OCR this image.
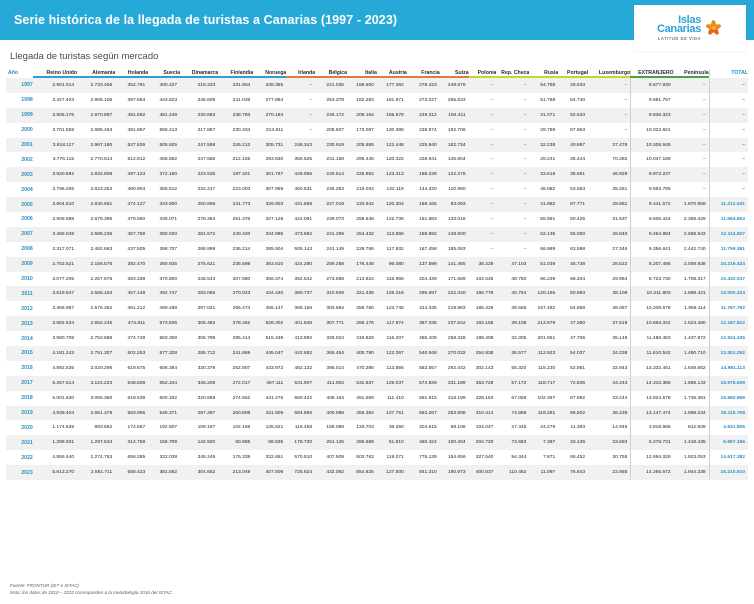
Serie histórica de la llegada de turistas a Canarias (1997 - 2023)	Islas
Canarias
LATITUD DE VIDA
Llegada de turistas según mercado
Año	Reino Unido	Alemania	Holanda	Suecia	Dinamarca	Finlandia	Noruega	Irlanda	Bélgica	Italia	Austria	Francia	Suiza	Polonia	Rep. Checa	Rusia	Portugal	Luxemburgo	EXTRANJERO	Península	TOTAL

1997	2.901.014	2.733.456	352.791	400.427	219.333	231.804	239.355	–	221.035	168.600	177.392	278.423	249.876	–	–	54.758	28.633	–	8.677.930	–	–
1998	3.427.403	2.906.105	397.663	443.823	245.609	241.039	277.884	–	253.378	182.283	181.971	273.027	265.833	–	–	51.788	54.740	–	9.681.757	–	–
1999	3.505.176	2.970.897	481.692	481.448	230.683	238.793	270.184	–	245.172	209.164	165.578	249.312	194.411	–	–	31.071	62.533	–	9.836.323	–	–
2000	3.701.559	2.885.463	491.867	559.413	217.887	230.334	313.611	–	208.507	173.087	130.388	238.574	192.706	–	–	29.789	67.963	–	10.022.821	–	–
2001	3.818.117	2.967.180	527.636	505.925	247.598	226.213	305.731	248.343	230.919	205.655	122.448	225.940	182.734	–	–	32.238	40.897	37.478	10.208.945	–	–
2002	3.776.115	2.770.814	512.812	456.582	247.555	212.155	293.830	356.525	231.168	295.445	120.322	228.941	145.604	–	–	29.241	36.444	70.282	10.047.189	–	–
2003	3.920.582	2.832.808	497.123	372.190	223.535	187.321	301.767	449.065	240.514	225.952	123.313	188.239	122.276	–	–	33.618	36.581	46.929	9.972.237	–	–
2004	3.796.265	2.623.253	460.904	355.512	232.217	223.003	307.959	460.531	236.263	219.034	132.119	144.320	110.960	–	–	46.082	53.583	35.261	9.593.785	–	–
2005	3.604.510	2.630.661	474.127	343.900	250.668	241.773	326.903	431.658	227.019	233.942	120.304	168.165	83.093	–	–	41.882	67.771	28.881	9.441.572	1.870.959	11.312.531
2006	3.608.898	2.679.396	479.560	335.071	278.354	251.376	327.128	422.081	239.073	258.648	122.738	161.883	133.016	–	–	55.991	60.425	31.537	9.606.424	2.358.429	11.964.853
2007	3.469.049	2.586.236	457.769	380.020	281.572	240.420	334.986	473.962	241.299	254.432	113.866	158.892	148.600	–	–	62.135	55.000	26.840	9.454.984	2.659.943	12.114.927
2008	3.317.071	2.482.663	437.505	398.707	288.999	236.214	385.904	505.143	241.149	228.766	117.932	167.458	185.083	–	–	66.989	63.598	27.346	9.356.641	2.442.740	11.799.381
2009	2.753.621	2.166.575	382.470	360.935	275.621	235.598	363.810	424.280	259.258	176.448	96.080	137.599	141.465	38.229	47.103	51.039	45.738	28.522	8.207.486	2.008.938	10.216.424
2010	3.077.205	2.257.676	383.339	370.800	246.543	207.680	356.374	352.542	273.658	213.824	116.966	204.439	171.669	102.645	48.750	86.239	68.344	29.964	8.723.730	1.708.317	10.432.047
2011	3.519.847	2.566.163	457.148	492.747	283.065	270.023	434.440	390.737	310.929	321.435	126.216	295.687	222.340	166.776	45.764	120.156	60.693	38.108	10.311.903	1.688.421	12.000.324
2012	3.466.987	2.576.362	461.212	490.488	297.021	265.474	455.147	368.158	303.684	259.760	123.748	314.345	219.983	185.429	38.565	157.492	54.858	36.087	10.208.678	1.558.114	11.767.792
2013	3.582.534	2.552.246	474.811	573.836	305.482	278.462	528.302	401.848	307.771	266.176	117.974	367.038	237.642	183.155	39.108	213.979	47.280	37.519	10.663.342	1.524.480	12.187.822
2014	3.980.709	2.753.896	474.749	583.308	306.799	285.414	515.439	413.992	326.024	319.829	116.207	455.109	258.328	199.408	32.305	201.951	47.706	35.149	11.486.463	1.437.972	12.924.435
2015	4.181.243	2.751.307	502.253	577.328	285.712	241.669	445.047	442.852	365.454	400.780	122.367	540.948	270.032	254.938	36.577	112.923	54.037	34.238	11.810.542	1.490.710	13.301.252
2016	4.892.535	3.020.296	619.675	606.384	330.379	252.807	433.972	482.132	395.014	470.386	113.856	583.557	292.442	302.143	55.320	115.230	52.881	32.843	13.332.461	1.648.652	14.981.113
2017	5.267.514	3.124.223	648.508	652.344	346.206	272.017	467.111	531.907	411.002	532.837	129.037	574.839	331.189	353.728	57.172	118.717	72.835	34.243	14.310.366	1.665.143	15.975.509
2018	5.001.630	3.065.360	619.539	600.332	320.659	274.552	441.276	560.422	409.164	491.569	111.410	581.915	318.199	328.163	67.059	102.367	67.992	33.244	13.824.578	1.736.391	15.560.969
2019	4.939.404	2.651.378	583.955	546.371	297.297	260.808	431.909	584.856	400.098	455.384	127.751	583.267	263.508	310.414	74.889	119.281	86.502	36.238	13.147.474	1.968.234	15.115.708
2020	1.174.639	893.652	174.557	192.507	109.197	102.169	135.821	118.458	156.089	133.703	36.250	204.615	68.106	104.047	27.445	24.279	11.393	14.945	3.818.966	812.839	4.631.805
2021	1.288.931	1.297.534	314.758	156.709	142.920	60.985	88.635	178.730	251.126	286.688	51.810	460.424	100.404	204.720	73.683	7.387	33.136	33.693	5.278.731	1.418.435	6.697.166
2022	4.955.440	2.274.763	656.285	322.038	345.249	176.339	332.651	570.510	407.509	603.763	119.071	775.139	154.656	327.540	94.344	7.871	65.452	30.755	12.694.329	1.923.053	14.617.382
2023	5.613.270	2.551.711	658.423	381.552	304.652	213.049	407.508	725.824	432.062	654.625	127.500	841.310	190.973	400.837	110.462	11.097	76.643	22.885	14.266.572	1.944.338	16.210.910
Fuente: FRONTUR (IET e ISTAC)
Nota: los datos de 2010 – 2022 corresponden a la metodología 2016 del ISTAC.
